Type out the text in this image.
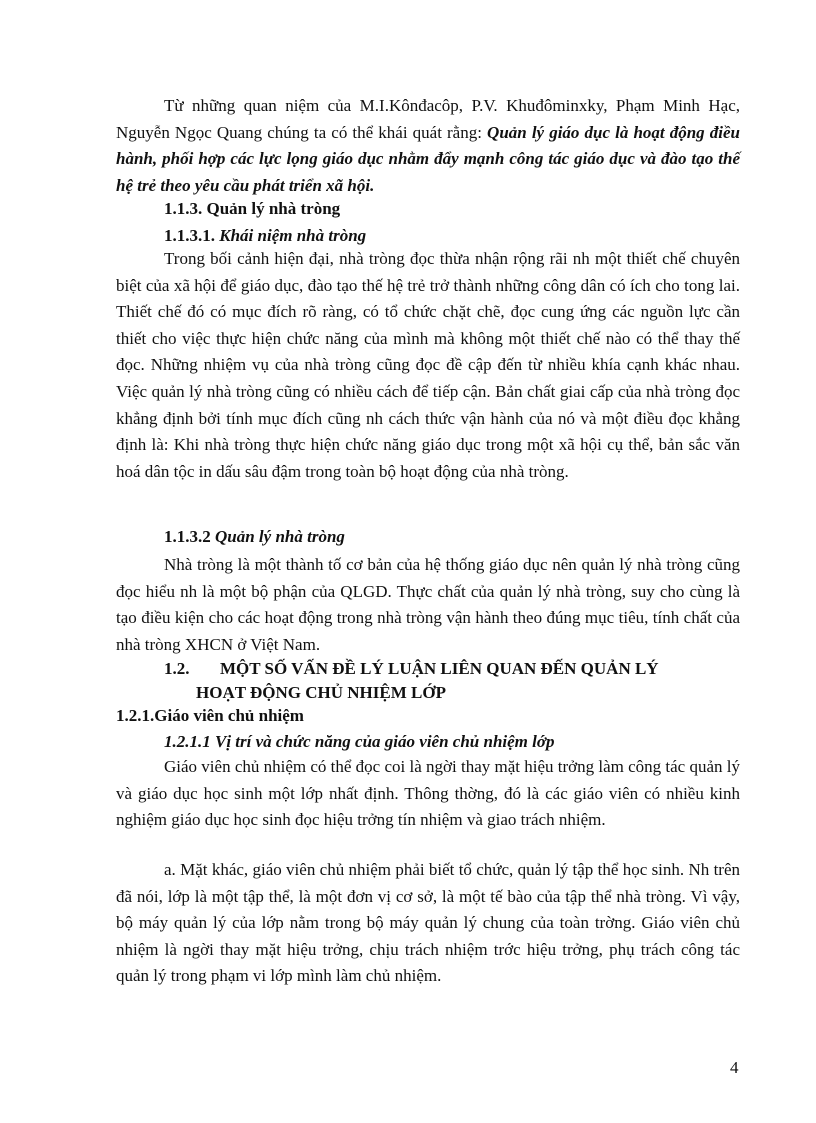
Từ những quan niệm của M.I.Kônđacôp, P.V. Khuđôminxky, Phạm Minh Hạc, Nguyễn Ngọc Quang chúng ta có thể khái quát rằng: Quản lý giáo dục là hoạt động điều hành, phối hợp các lực lọng giáo dục nhằm đẩy mạnh công tác giáo dục và đào tạo thế hệ trẻ theo yêu cầu phát triển xã hội.

1.1.3. Quản lý nhà tròng
1.1.3.1. Khái niệm nhà tròng

Trong bối cảnh hiện đại, nhà tròng đọc thừa nhận rộng rãi nh một thiết chế chuyên biệt của xã hội để giáo dục, đào tạo thế hệ trẻ trở thành những công dân có ích cho tong lai. Thiết chế đó có mục đích rõ ràng, có tổ chức chặt chẽ, đọc cung ứng các nguồn lực cần thiết cho việc thực hiện chức năng của mình mà không một thiết chế nào có thể thay thế đọc. Những nhiệm vụ của nhà tròng cũng đọc đề cập đến từ nhiều khía cạnh khác nhau. Việc quản lý nhà tròng cũng có nhiều cách để tiếp cận. Bản chất giai cấp của nhà tròng đọc khẳng định bởi tính mục đích cũng nh cách thức vận hành của nó và một điều đọc khẳng định là: Khi nhà tròng thực hiện chức năng giáo dục trong một xã hội cụ thể, bản sắc văn hoá dân tộc in dấu sâu đậm trong toàn bộ hoạt động của nhà tròng.

1.1.3.2 Quản lý nhà tròng

Nhà tròng là một thành tố cơ bản của hệ thống giáo dục nên quản lý nhà tròng cũng đọc hiểu nh là một bộ phận của QLGD. Thực chất của quản lý nhà tròng, suy cho cùng là tạo điều kiện cho các hoạt động trong nhà tròng vận hành theo đúng mục tiêu, tính chất của nhà tròng XHCN ở Việt Nam.

1.2. MỘT SỐ VẤN ĐỀ LÝ LUẬN LIÊN QUAN ĐẾN QUẢN LÝ
HOẠT ĐỘNG CHỦ NHIỆM LỚP
1.2.1.Giáo viên chủ nhiệm
1.2.1.1 Vị trí và chức năng của giáo viên chủ nhiệm lớp

Giáo viên chủ nhiệm có thể đọc coi là ngời thay mặt hiệu trởng làm công tác quản lý và giáo dục học sinh một lớp nhất định. Thông thờng, đó là các giáo viên có nhiều kinh nghiệm giáo dục học sinh đọc hiệu trởng tín nhiệm và giao trách nhiệm.

a. Mặt khác, giáo viên chủ nhiệm phải biết tổ chức, quản lý tập thể học sinh. Nh trên đã nói, lớp là một tập thể, là một đơn vị cơ sở, là một tế bào của tập thể nhà tròng. Vì vậy, bộ máy quản lý của lớp nằm trong bộ máy quản lý chung của toàn trờng. Giáo viên chủ nhiệm là ngời thay mặt hiệu trởng, chịu trách nhiệm trớc hiệu trởng, phụ trách công tác quản lý trong phạm vi lớp mình làm chủ nhiệm.

4
